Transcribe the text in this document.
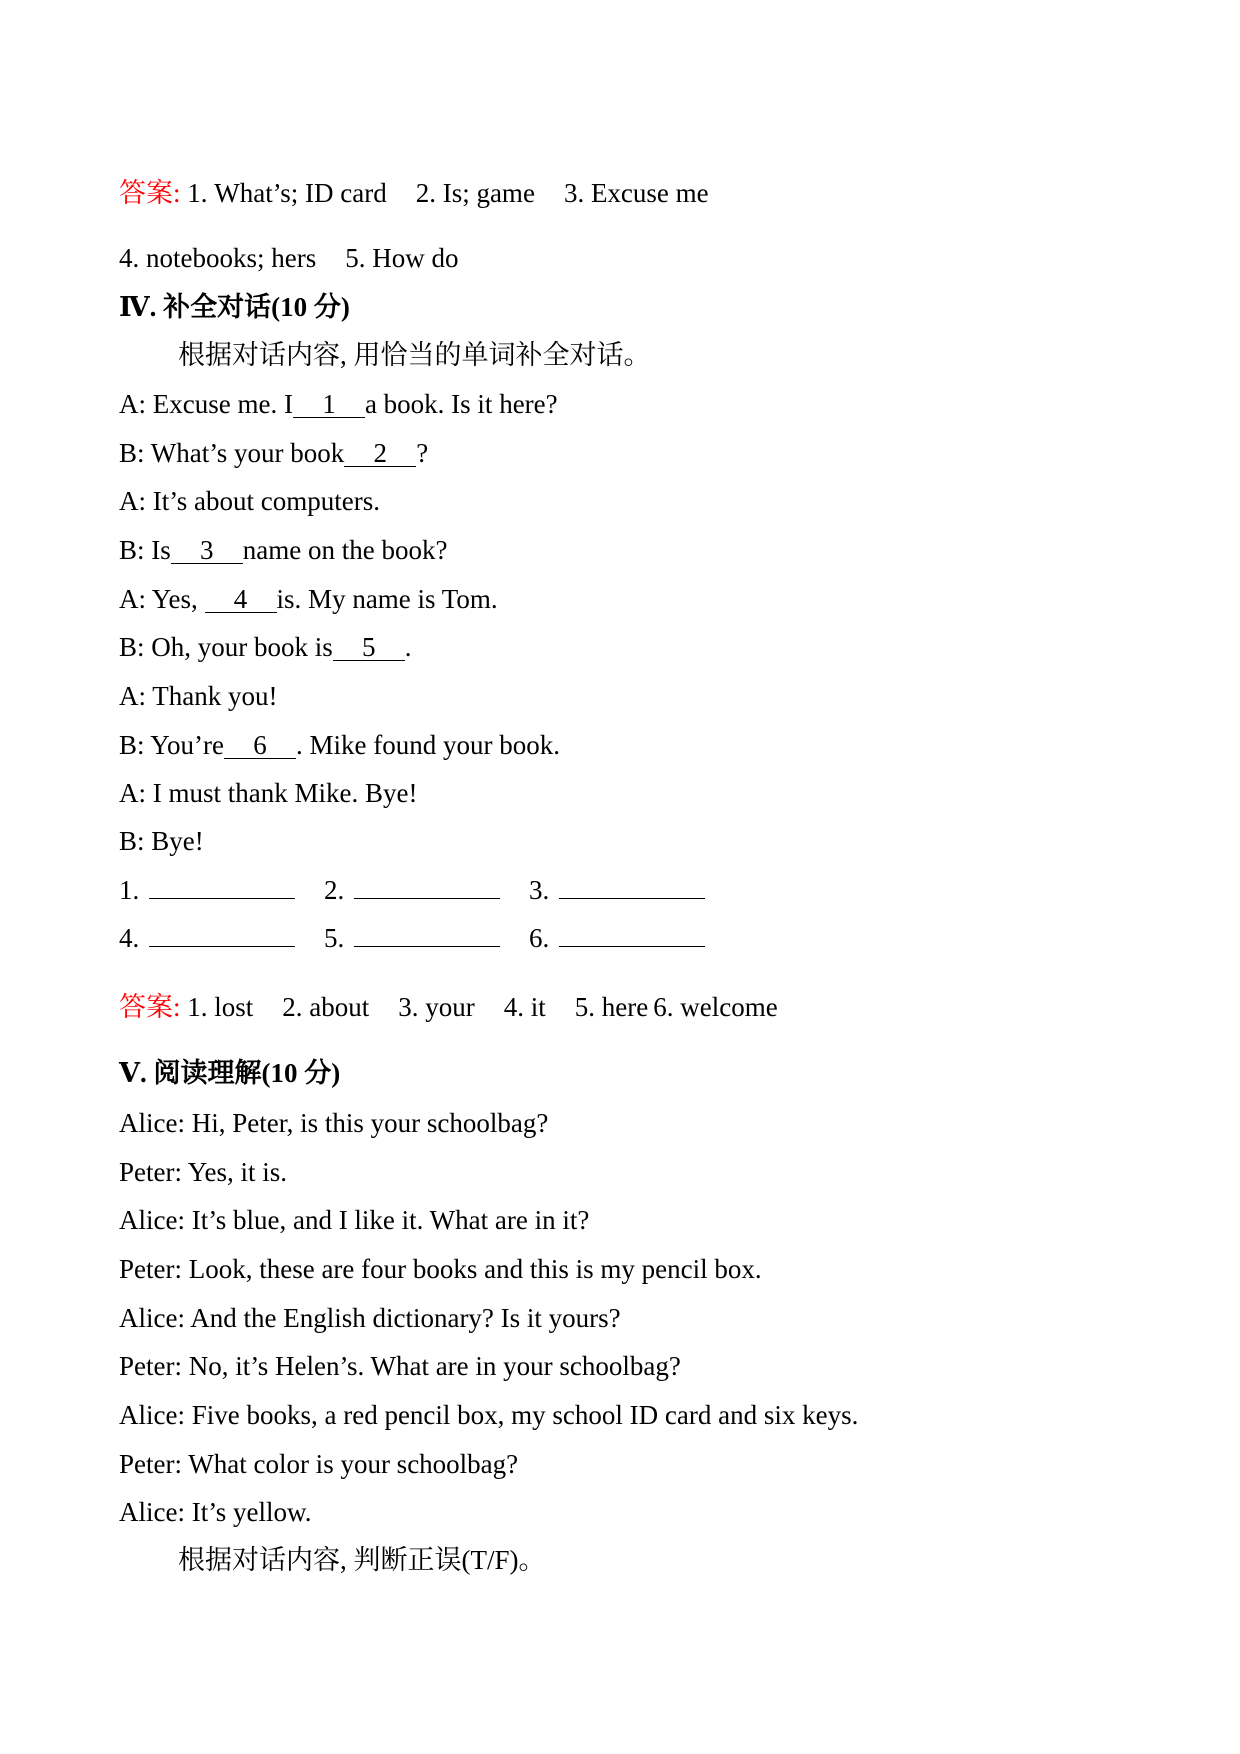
答案: 1. What’s; ID card 2. Is; game 3. Excuse me
4. notebooks; hers 5. How do
Ⅳ. 补全对话(10 分)
根据对话内容, 用恰当的单词补全对话。
A: Excuse me. I 1 a book. Is it here?
B: What’s your book 2 ?
A: It’s about computers.
B: Is 3 name on the book?
A: Yes, 4 is. My name is Tom.
B: Oh, your book is 5 .
A: Thank you!
B: You’re 6 . Mike found your book.
A: I must thank Mike. Bye!
B: Bye!
1.	2.	3.
4.	5.	6.
答案: 1. lost 2. about 3. your 4. it 5. here 6. welcome
Ⅴ. 阅读理解(10 分)
Alice: Hi, Peter, is this your schoolbag?
Peter: Yes, it is.
Alice: It’s blue, and I like it. What are in it?
Peter: Look, these are four books and this is my pencil box.
Alice: And the English dictionary? Is it yours?
Peter: No, it’s Helen’s. What are in your schoolbag?
Alice: Five books, a red pencil box, my school ID card and six keys.
Peter: What color is your schoolbag?
Alice: It’s yellow.
根据对话内容, 判断正误(T/F)。
